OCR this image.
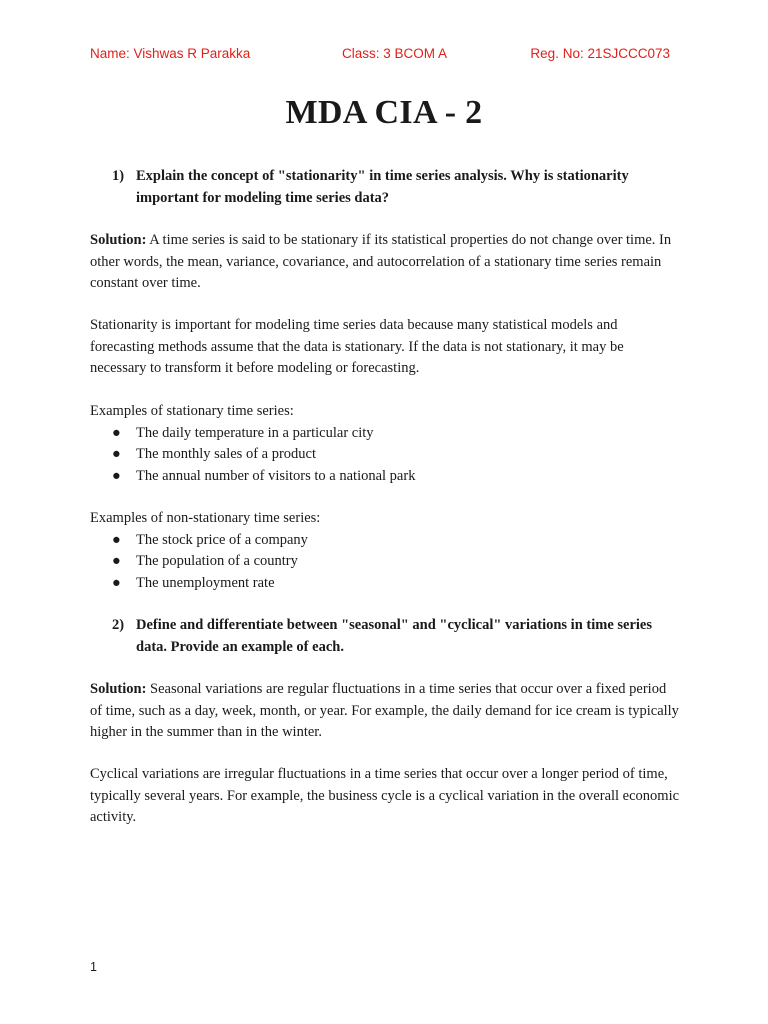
Name: Vishwas R Parakka	Class: 3 BCOM A	Reg. No: 21SJCCC073
MDA CIA - 2
1) Explain the concept of "stationarity" in time series analysis. Why is stationarity important for modeling time series data?
Solution: A time series is said to be stationary if its statistical properties do not change over time. In other words, the mean, variance, covariance, and autocorrelation of a stationary time series remain constant over time.
Stationarity is important for modeling time series data because many statistical models and forecasting methods assume that the data is stationary. If the data is not stationary, it may be necessary to transform it before modeling or forecasting.
Examples of stationary time series:
● The daily temperature in a particular city
● The monthly sales of a product
● The annual number of visitors to a national park
Examples of non-stationary time series:
● The stock price of a company
● The population of a country
● The unemployment rate
2) Define and differentiate between "seasonal" and "cyclical" variations in time series data. Provide an example of each.
Solution: Seasonal variations are regular fluctuations in a time series that occur over a fixed period of time, such as a day, week, month, or year. For example, the daily demand for ice cream is typically higher in the summer than in the winter.
Cyclical variations are irregular fluctuations in a time series that occur over a longer period of time, typically several years. For example, the business cycle is a cyclical variation in the overall economic activity.
1
